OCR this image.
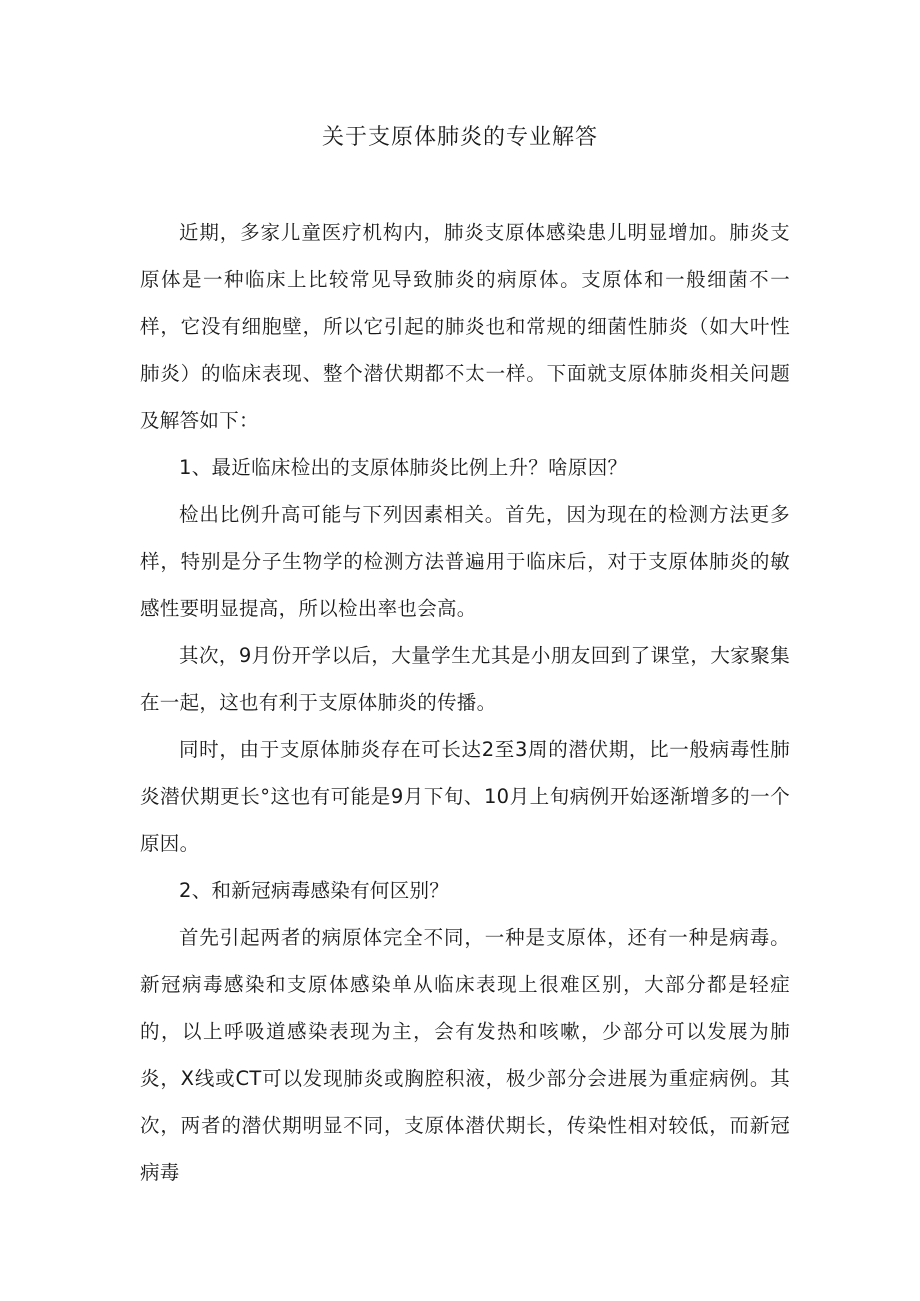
关于支原体肺炎的专业解答

近期，多家儿童医疗机构内，肺炎支原体感染患儿明显增加。肺炎支原体是一种临床上比较常见导致肺炎的病原体。支原体和一般细菌不一样，它没有细胞壁，所以它引起的肺炎也和常规的细菌性肺炎（如大叶性肺炎）的临床表现、整个潜伏期都不太一样。下面就支原体肺炎相关问题及解答如下：

1、最近临床检出的支原体肺炎比例上升？啥原因？

检出比例升高可能与下列因素相关。首先，因为现在的检测方法更多样，特别是分子生物学的检测方法普遍用于临床后，对于支原体肺炎的敏感性要明显提高，所以检出率也会高。

其次，9月份开学以后，大量学生尤其是小朋友回到了课堂，大家聚集在一起，这也有利于支原体肺炎的传播。

同时，由于支原体肺炎存在可长达2至3周的潜伏期，比一般病毒性肺炎潜伏期更长°这也有可能是9月下旬、10月上旬病例开始逐渐增多的一个原因。

2、和新冠病毒感染有何区别？

首先引起两者的病原体完全不同，一种是支原体，还有一种是病毒。新冠病毒感染和支原体感染单从临床表现上很难区别，大部分都是轻症的，以上呼吸道感染表现为主，会有发热和咳嗽，少部分可以发展为肺炎，X线或CT可以发现肺炎或胸腔积液，极少部分会进展为重症病例。其次，两者的潜伏期明显不同，支原体潜伏期长，传染性相对较低，而新冠病毒
